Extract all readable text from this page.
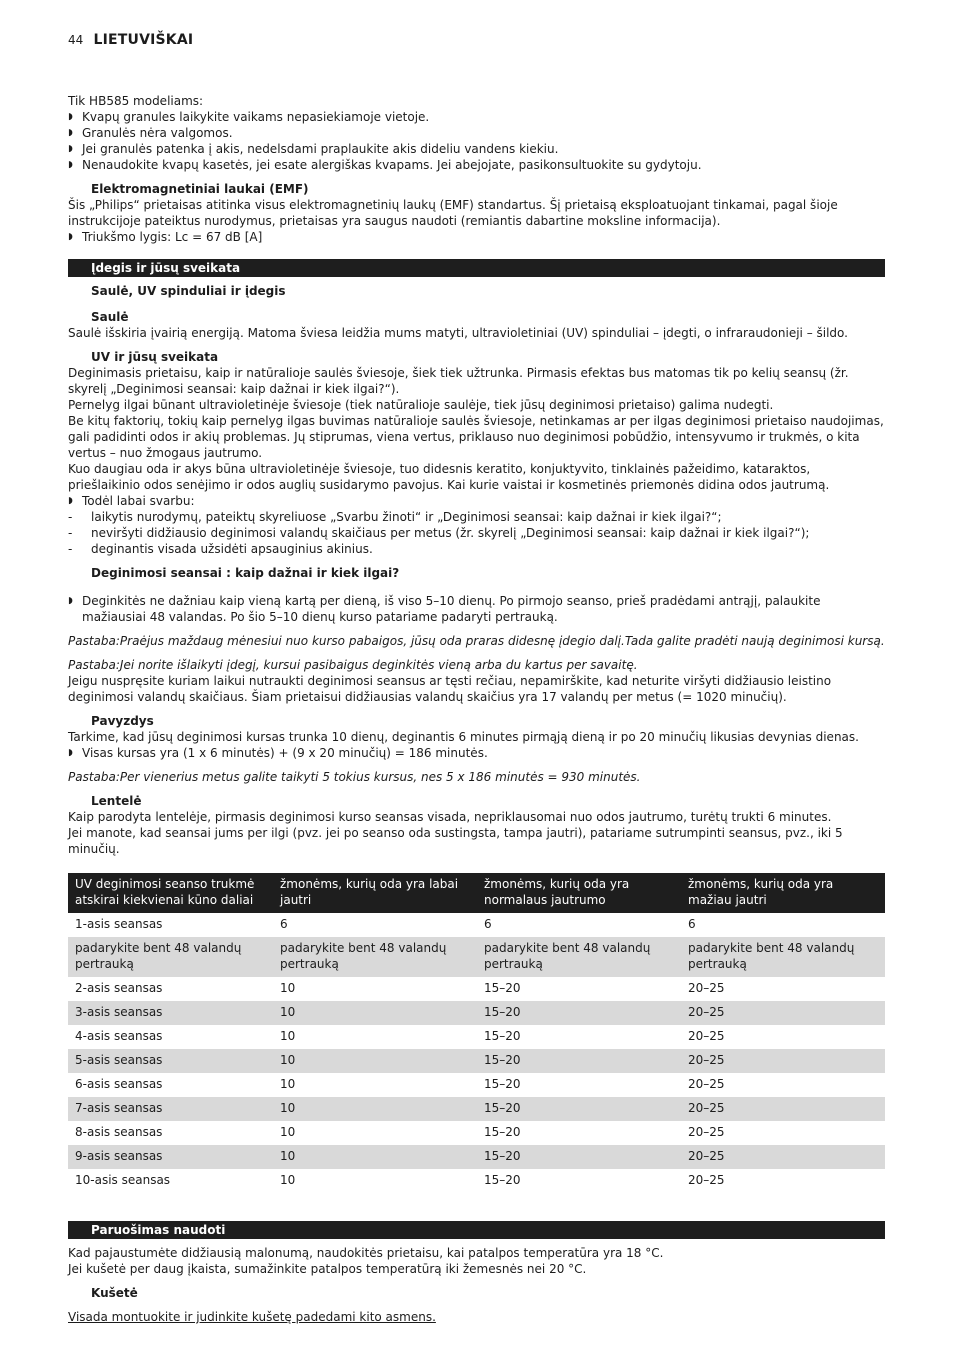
44 LIETUVIŠKAI

Tik HB585 modeliams:

◗ Kvapų granules laikykite vaikams nepasiekiamoje vietoje.

◗ Granulės nėra valgomos.

◗ Jei granulės patenka į akis, nedelsdami praplaukite akis dideliu vandens kiekiu.

◗ Nenaudokite kvapų kasetės, jei esate alergiškas kvapams. Jei abejojate, pasikonsultuokite su gydytoju.

Elektromagnetiniai laukai (EMF)

Šis „Philips“ prietaisas atitinka visus elektromagnetinių laukų (EMF) standartus. Šį prietaisą eksploatuojant tinkamai, pagal šioje instrukcijoje pateiktus nurodymus, prietaisas yra saugus naudoti (remiantis dabartine moksline informacija).

◗ Triukšmo lygis: Lc = 67 dB [A]

Įdegis ir jūsų sveikata

Saulė, UV spinduliai ir įdegis

Saulė

Saulė išskiria įvairią energiją. Matoma šviesa leidžia mums matyti, ultravioletiniai (UV) spinduliai – įdegti, o infraraudonieji – šildo.

UV ir jūsų sveikata

Deginimasis prietaisu, kaip ir natūralioje saulės šviesoje, šiek tiek užtrunka. Pirmasis efektas bus matomas tik po kelių seansų (žr. skyrelį „Deginimosi seansai: kaip dažnai ir kiek ilgai?“).

Pernelyg ilgai būnant ultravioletinėje šviesoje (tiek natūralioje saulėje, tiek jūsų deginimosi prietaiso) galima nudegti.

Be kitų faktorių, tokių kaip pernelyg ilgas buvimas natūralioje saulės šviesoje, netinkamas ar per ilgas deginimosi prietaiso naudojimas, gali padidinti odos ir akių problemas. Jų stiprumas, viena vertus, priklauso nuo deginimosi pobūdžio, intensyvumo ir trukmės, o kita vertus – nuo žmogaus jautrumo.

Kuo daugiau oda ir akys būna ultravioletinėje šviesoje, tuo didesnis keratito, konjuktyvito, tinklainės pažeidimo, kataraktos, priešlaikinio odos senėjimo ir odos auglių susidarymo pavojus. Kai kurie vaistai ir kosmetinės priemonės didina odos jautrumą.

◗ Todėl labai svarbu:

- laikytis nurodymų, pateiktų skyreliuose „Svarbu žinoti“ ir „Deginimosi seansai: kaip dažnai ir kiek ilgai?“;

- neviršyti didžiausio deginimosi valandų skaičiaus per metus (žr. skyrelį „Deginimosi seansai: kaip dažnai ir kiek ilgai?“);

- deginantis visada užsidėti apsauginius akinius.

Deginimosi seansai : kaip dažnai ir kiek ilgai?

◗ Deginkitės ne dažniau kaip vieną kartą per dieną, iš viso 5–10 dienų. Po pirmojo seanso, prieš pradėdami antrąjį, palaukite mažiausiai 48 valandas. Po šio 5–10 dienų kurso patariame padaryti pertrauką.

Pastaba:Praėjus maždaug mėnesiui nuo kurso pabaigos, jūsų oda praras didesnę įdegio dalį.Tada galite pradėti naują deginimosi kursą.

Pastaba:Jei norite išlaikyti įdegį, kursui pasibaigus deginkitės vieną arba du kartus per savaitę.

Jeigu nuspręsite kuriam laikui nutraukti deginimosi seansus ar tęsti rečiau, nepamirškite, kad neturite viršyti didžiausio leistino deginimosi valandų skaičiaus. Šiam prietaisui didžiausias valandų skaičius yra 17 valandų per metus (= 1020 minučių).

Pavyzdys

Tarkime, kad jūsų deginimosi kursas trunka 10 dienų, deginantis 6 minutes pirmąją dieną ir po 20 minučių likusias devynias dienas.

◗ Visas kursas yra (1 x 6 minutės) + (9 x 20 minučių) = 186 minutės.

Pastaba:Per vienerius metus galite taikyti 5 tokius kursus, nes 5 x 186 minutės = 930 minutės.

Lentelė

Kaip parodyta lentelėje, pirmasis deginimosi kurso seansas visada, nepriklausomai nuo odos jautrumo, turėtų trukti 6 minutes.

Jei manote, kad seansai jums per ilgi (pvz. jei po seanso oda sustingsta, tampa jautri), patariame sutrumpinti seansus, pvz., iki 5 minučių.

UV deginimosi seanso trukmė atskirai kiekvienai kūno daliai	žmonėms, kurių oda yra labai jautri	žmonėms, kurių oda yra normalaus jautrumo	žmonėms, kurių oda yra mažiau jautri
1-asis seansas	6	6	6
padarykite bent 48 valandų pertrauką	padarykite bent 48 valandų pertrauką	padarykite bent 48 valandų pertrauką	padarykite bent 48 valandų pertrauką
2-asis seansas	10	15–20	20–25
3-asis seansas	10	15–20	20–25
4-asis seansas	10	15–20	20–25
5-asis seansas	10	15–20	20–25
6-asis seansas	10	15–20	20–25
7-asis seansas	10	15–20	20–25
8-asis seansas	10	15–20	20–25
9-asis seansas	10	15–20	20–25
10-asis seansas	10	15–20	20–25
Paruošimas naudoti

Kad pajaustumėte didžiausią malonumą, naudokitės prietaisu, kai patalpos temperatūra yra 18 °C.

Jei kušetė per daug įkaista, sumažinkite patalpos temperatūrą iki žemesnės nei 20 °C.

Kušetė

Visada montuokite ir judinkite kušetę padedami kito asmens.
